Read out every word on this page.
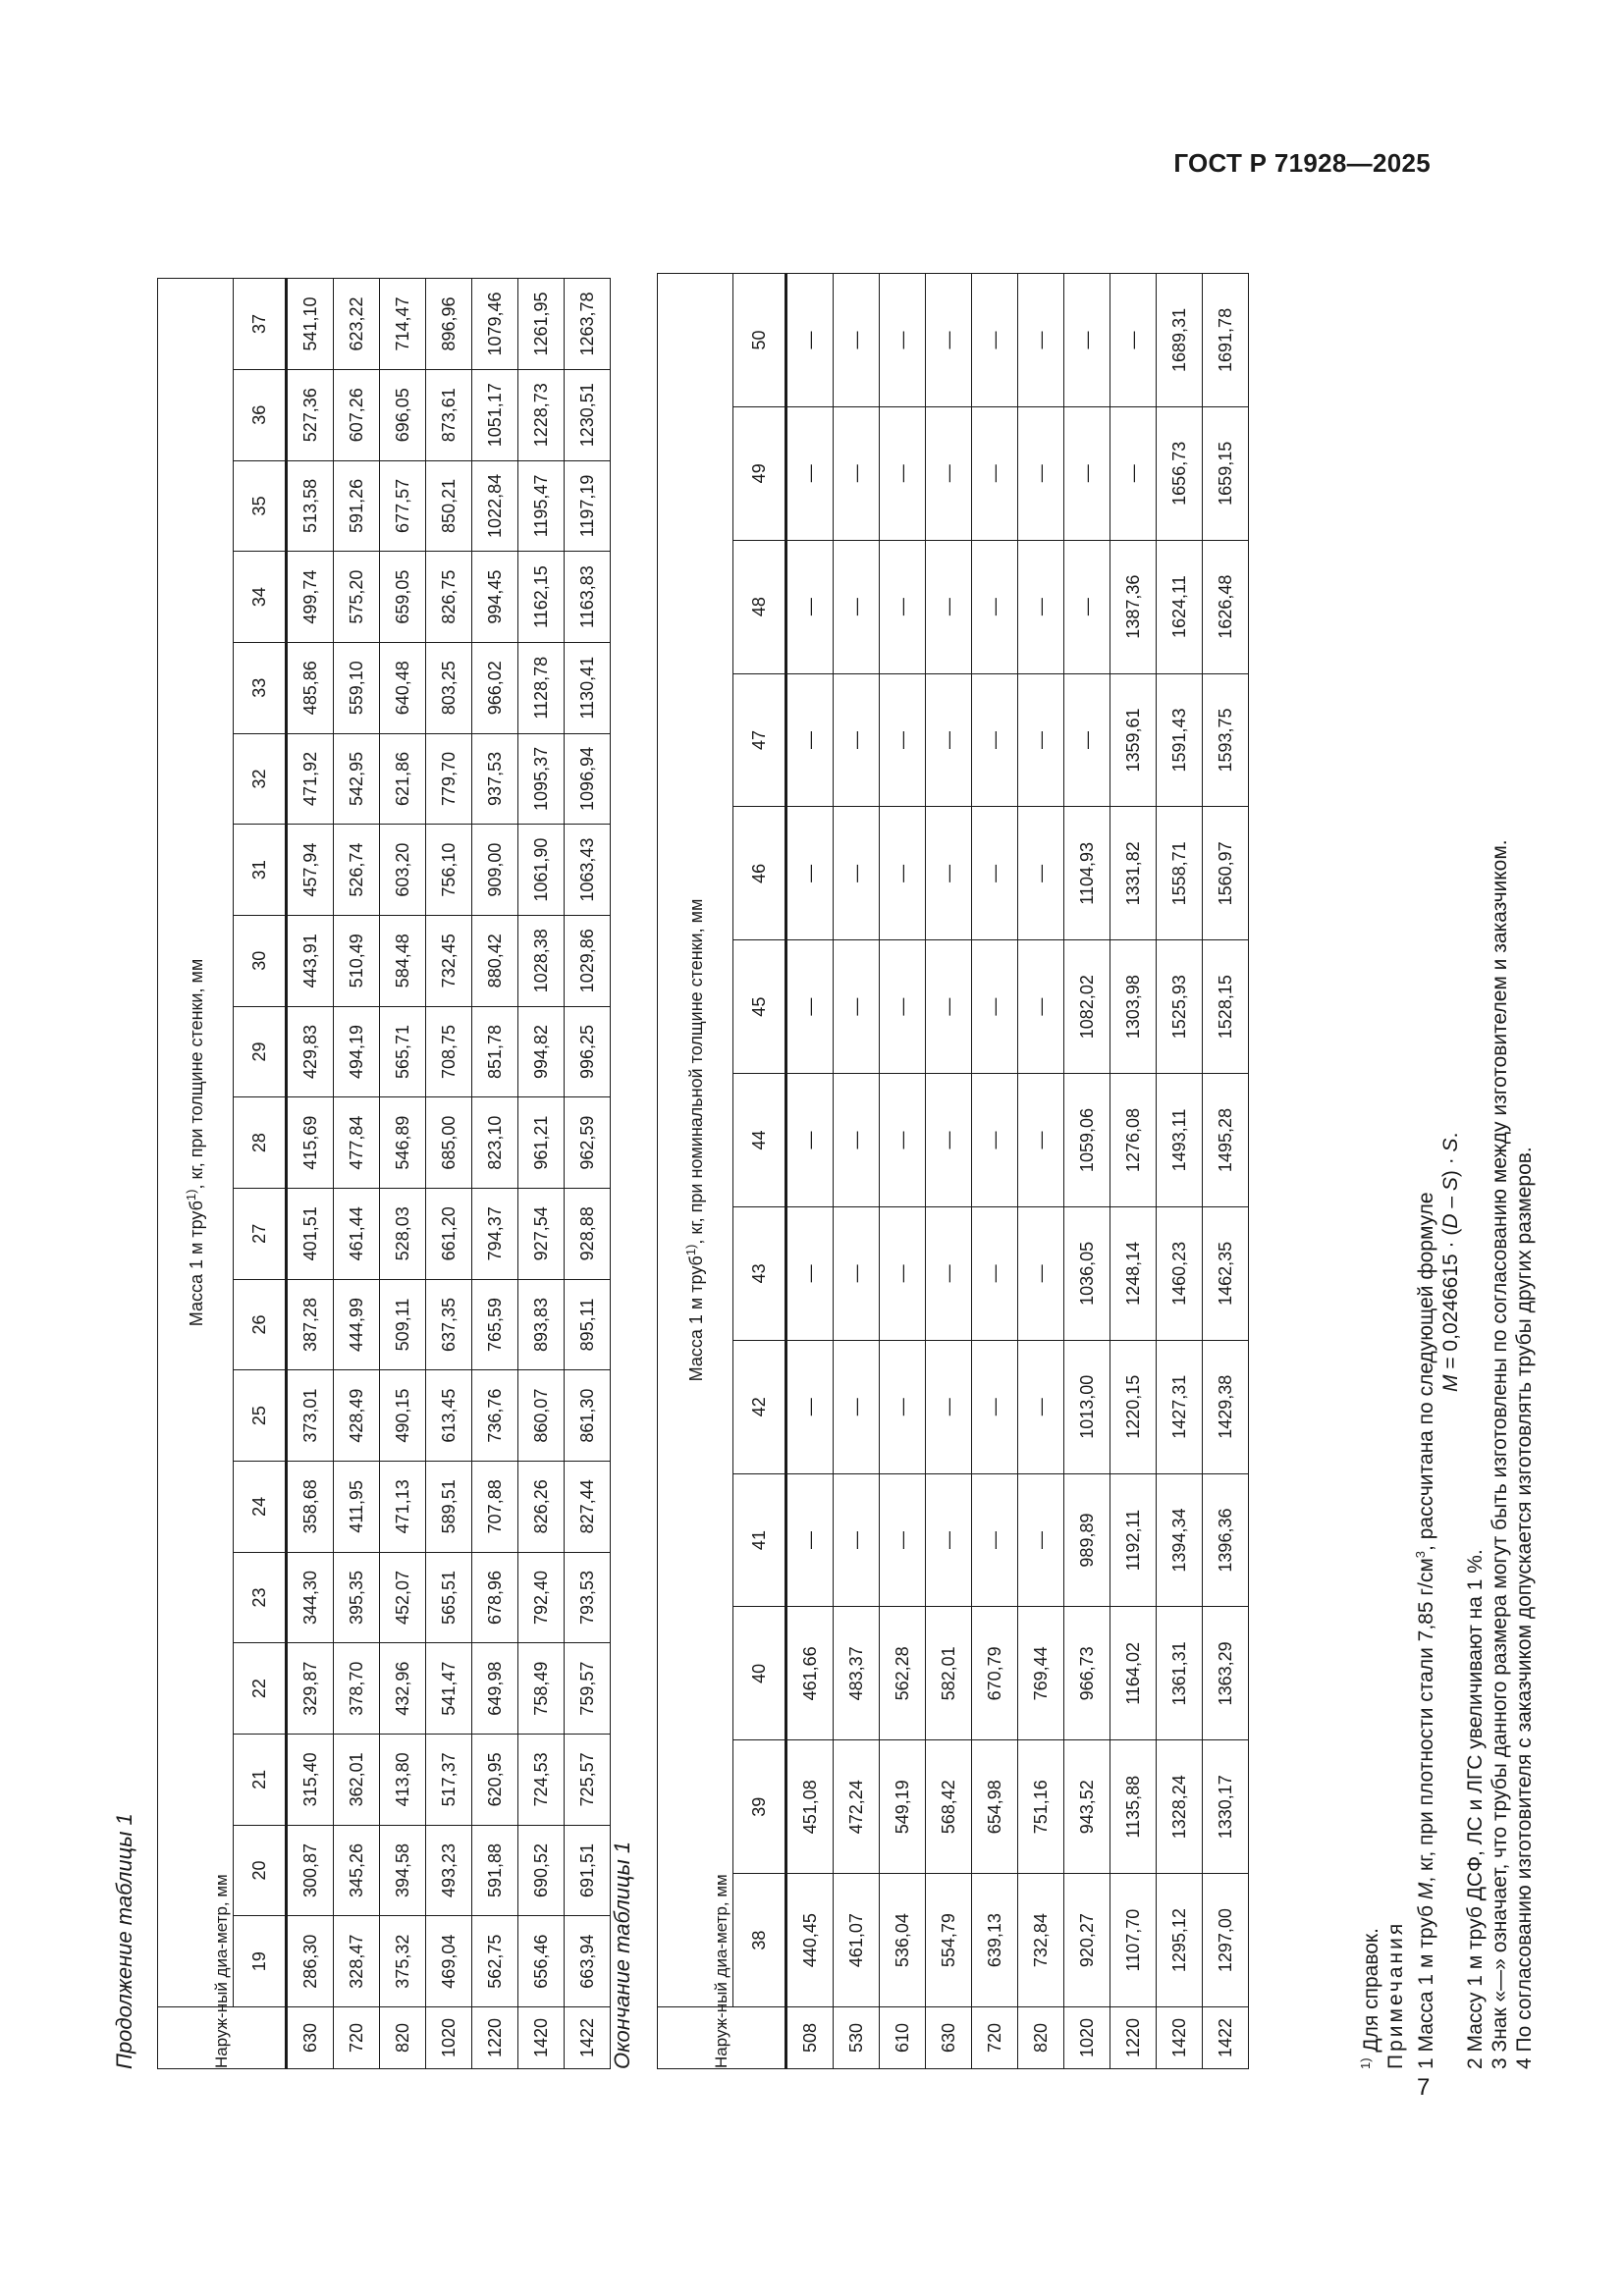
ГОСТ Р 71928—2025
7
Продолжение таблицы 1	Наруж-ный диа-метр, мм	Масса 1 м труб$^{1)}$, кг, при толщине стенки, мм																		
	19	20	21	22	23	24	25	26	27	28	29	30	31	32	33	34	35	36	37
630	286,30	300,87	315,40	329,87	344,30	358,68	373,01	387,28	401,51	415,69	429,83	443,91	457,94	471,92	485,86	499,74	513,58	527,36	541,10
720	328,47	345,26	362,01	378,70	395,35	411,95	428,49	444,99	461,44	477,84	494,19	510,49	526,74	542,95	559,10	575,20	591,26	607,26	623,22
820	375,32	394,58	413,80	432,96	452,07	471,13	490,15	509,11	528,03	546,89	565,71	584,48	603,20	621,86	640,48	659,05	677,57	696,05	714,47
1020	469,04	493,23	517,37	541,47	565,51	589,51	613,45	637,35	661,20	685,00	708,75	732,45	756,10	779,70	803,25	826,75	850,21	873,61	896,96
1220	562,75	591,88	620,95	649,98	678,96	707,88	736,76	765,59	794,37	823,10	851,78	880,42	909,00	937,53	966,02	994,45	1022,84	1051,17	1079,46
1420	656,46	690,52	724,53	758,49	792,40	826,26	860,07	893,83	927,54	961,21	994,82	1028,38	1061,90	1095,37	1128,78	1162,15	1195,47	1228,73	1261,95
1422	663,94	691,51	725,57	759,57	793,53	827,44	861,30	895,11	928,88	962,59	996,25	1029,86	1063,43	1096,94	1130,41	1163,83	1197,19	1230,51	1263,78
Окончание таблицы 1	Наруж-ный диа-метр, мм	Масса 1 м труб$^{1)}$, кг, при номинальной толщине стенки, мм												
	38	39	40	41	42	43	44	45	46	47	48	49	50
508	440,45	451,08	461,66	—	—	—	—	—	—	—	—	—	—
530	461,07	472,24	483,37	—	—	—	—	—	—	—	—	—	—
610	536,04	549,19	562,28	—	—	—	—	—	—	—	—	—	—
630	554,79	568,42	582,01	—	—	—	—	—	—	—	—	—	—
720	639,13	654,98	670,79	—	—	—	—	—	—	—	—	—	—
820	732,84	751,16	769,44	—	—	—	—	—	—	—	—	—	—
1020	920,27	943,52	966,73	989,89	1013,00	1036,05	1059,06	1082,02	1104,93	—	—	—	—
1220	1107,70	1135,88	1164,02	1192,11	1220,15	1248,14	1276,08	1303,98	1331,82	1359,61	1387,36	—	—
1420	1295,12	1328,24	1361,31	1394,34	1427,31	1460,23	1493,11	1525,93	1558,71	1591,43	1624,11	1656,73	1689,31
1422	1297,00	1330,17	1363,29	1396,36	1429,38	1462,35	1495,28	1528,15	1560,97	1593,75	1626,48	1659,15	1691,78
$^{1)}$ Для справок. Примечания 1 Масса 1 м труб M, кг, при плотности стали 7,85 $г/см^3$, рассчитана по следующей формуле M = 0,0246615 · (D – S) · S.
2 Массу 1 м труб ДСФ, ЛС и ЛГС увеличивают на 1 %. 3 Знак «—» означает, что трубы данного размера могут быть изготовлены по согласованию между изготовителем и заказчиком. 4 По согласованию изготовителя с заказчиком допускается изготовлять трубы других размеров.
